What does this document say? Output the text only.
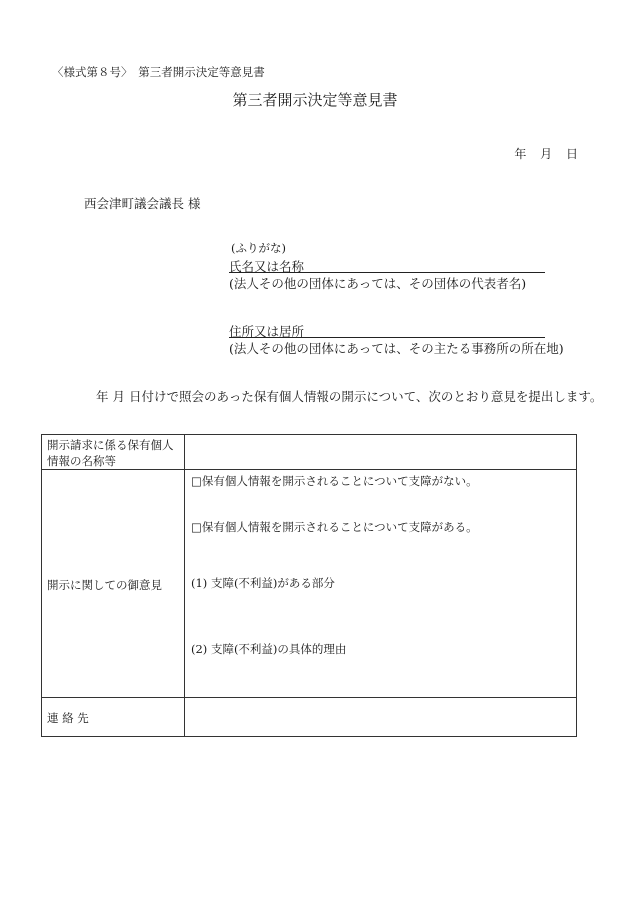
〈様式第８号〉　第三者開示決定等意見書
第三者開示決定等意見書
年 月 日
西会津町議会議長 様
(ふりがな)
氏名又は名称
(法人その他の団体にあっては、その団体の代表者名)
住所又は居所
(法人その他の団体にあっては、その主たる事務所の所在地)
年 月 日付けで照会のあった保有個人情報の開示について、次のとおり意見を提出します。
開示請求に係る保有個人情報の名称等	
開示に関しての御意見	□保有個人情報を開示されることについて支障がない。
□保有個人情報を開示されることについて支障がある。
(1) 支障(不利益)がある部分
(2) 支障(不利益)の具体的理由

連 絡 先	
